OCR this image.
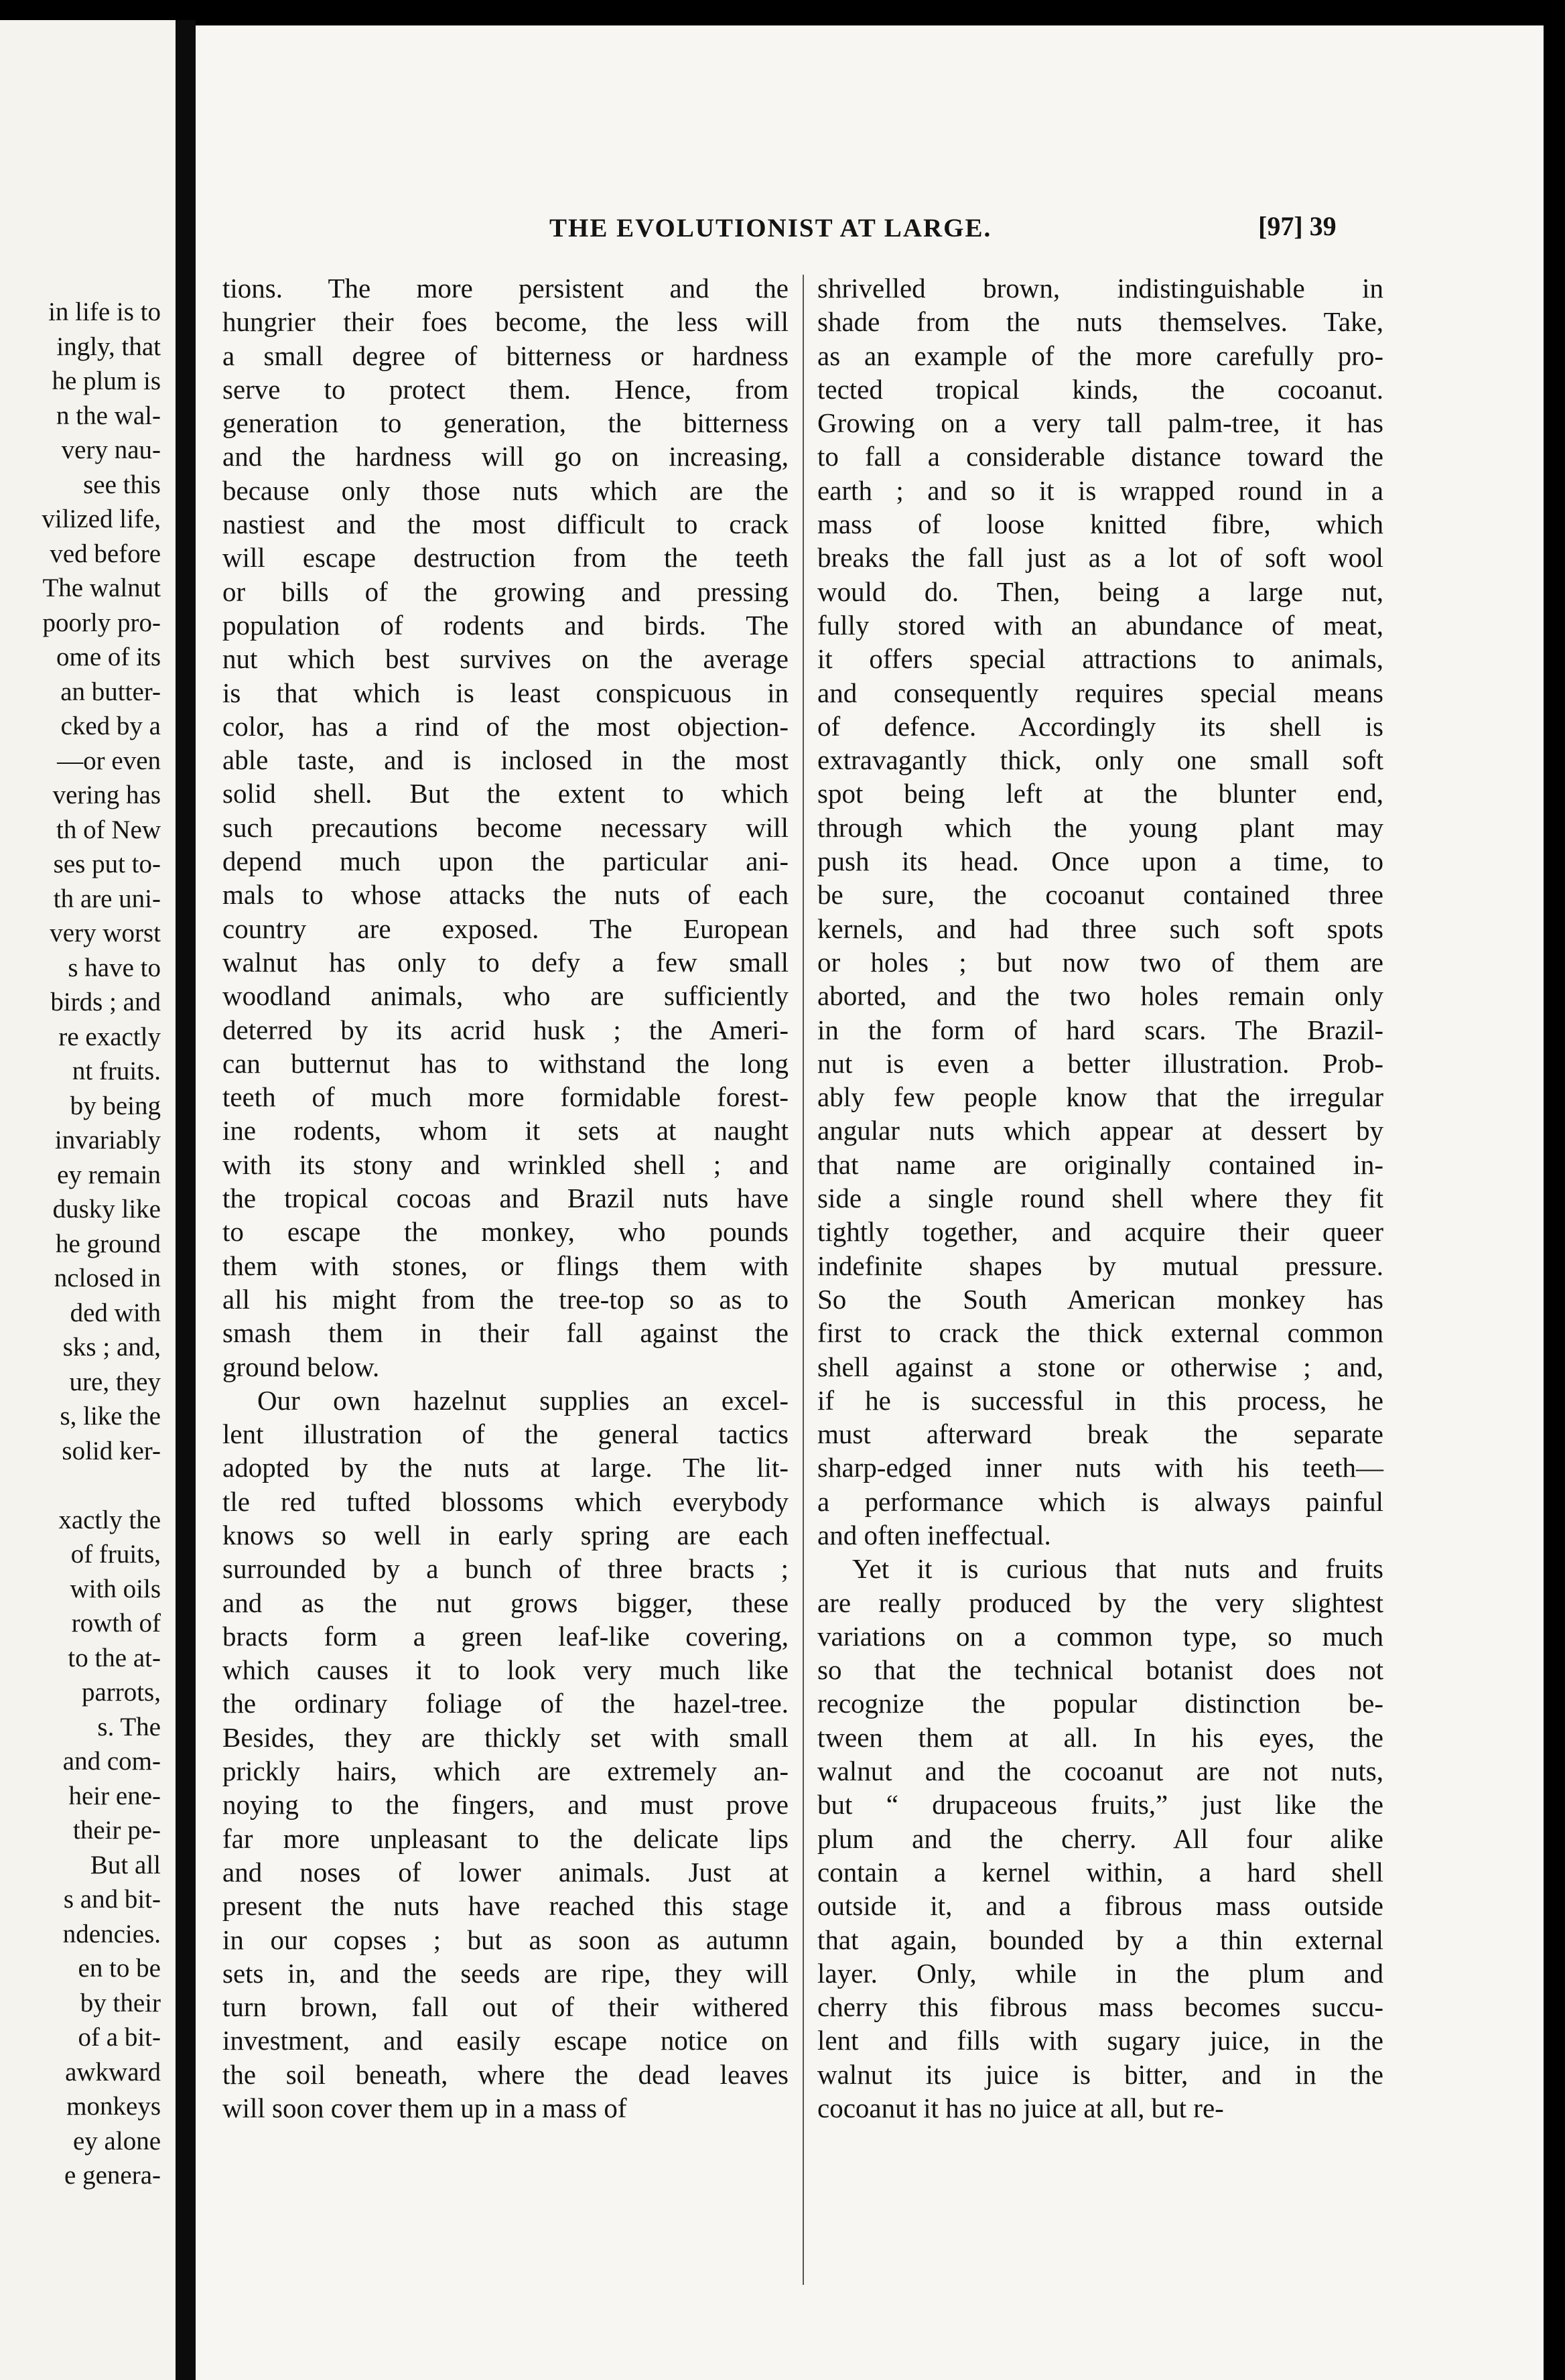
in life is to
ingly, that
he plum is
n the wal-
very nau-
see this
vilized life,
ved before
The walnut
poorly pro-
ome of its
an butter-
cked by a
—or even
vering has
th of New
ses put to-
th are uni-
very worst
s have to
birds ; and
re exactly
nt fruits.
by being
invariably
ey remain
dusky like
he ground
nclosed in
ded with
sks ; and,
ure, they
s, like the
solid ker-
xactly the
of fruits,
with oils
rowth of
to the at-
parrots,
s. The
and com-
heir ene-
their pe-
But all
s and bit-
ndencies.
en to be
by their
of a bit-
awkward
monkeys
ey alone
e genera-
THE EVOLUTIONIST AT LARGE.	[97] 39
tions. The more persistent and the
hungrier their foes become, the less will
a small degree of bitterness or hardness
serve to protect them. Hence, from
generation to generation, the bitterness
and the hardness will go on increasing,
because only those nuts which are the
nastiest and the most difficult to crack
will escape destruction from the teeth
or bills of the growing and pressing
population of rodents and birds. The
nut which best survives on the average
is that which is least conspicuous in
color, has a rind of the most objection-
able taste, and is inclosed in the most
solid shell. But the extent to which
such precautions become necessary will
depend much upon the particular ani-
mals to whose attacks the nuts of each
country are exposed. The European
walnut has only to defy a few small
woodland animals, who are sufficiently
deterred by its acrid husk ; the Ameri-
can butternut has to withstand the long
teeth of much more formidable forest-
ine rodents, whom it sets at naught
with its stony and wrinkled shell ; and
the tropical cocoas and Brazil nuts have
to escape the monkey, who pounds
them with stones, or flings them with
all his might from the tree-top so as to
smash them in their fall against the
ground below.
Our own hazelnut supplies an excel-
lent illustration of the general tactics
adopted by the nuts at large. The lit-
tle red tufted blossoms which everybody
knows so well in early spring are each
surrounded by a bunch of three bracts ;
and as the nut grows bigger, these
bracts form a green leaf-like covering,
which causes it to look very much like
the ordinary foliage of the hazel-tree.
Besides, they are thickly set with small
prickly hairs, which are extremely an-
noying to the fingers, and must prove
far more unpleasant to the delicate lips
and noses of lower animals. Just at
present the nuts have reached this stage
in our copses ; but as soon as autumn
sets in, and the seeds are ripe, they will
turn brown, fall out of their withered
investment, and easily escape notice on
the soil beneath, where the dead leaves
will soon cover them up in a mass of
shrivelled brown, indistinguishable in
shade from the nuts themselves. Take,
as an example of the more carefully pro-
tected tropical kinds, the cocoanut.
Growing on a very tall palm-tree, it has
to fall a considerable distance toward the
earth ; and so it is wrapped round in a
mass of loose knitted fibre, which
breaks the fall just as a lot of soft wool
would do. Then, being a large nut,
fully stored with an abundance of meat,
it offers special attractions to animals,
and consequently requires special means
of defence. Accordingly its shell is
extravagantly thick, only one small soft
spot being left at the blunter end,
through which the young plant may
push its head. Once upon a time, to
be sure, the cocoanut contained three
kernels, and had three such soft spots
or holes ; but now two of them are
aborted, and the two holes remain only
in the form of hard scars. The Brazil-
nut is even a better illustration. Prob-
ably few people know that the irregular
angular nuts which appear at dessert by
that name are originally contained in-
side a single round shell where they fit
tightly together, and acquire their queer
indefinite shapes by mutual pressure.
So the South American monkey has
first to crack the thick external common
shell against a stone or otherwise ; and,
if he is successful in this process, he
must afterward break the separate
sharp-edged inner nuts with his teeth—
a performance which is always painful
and often ineffectual.
Yet it is curious that nuts and fruits
are really produced by the very slightest
variations on a common type, so much
so that the technical botanist does not
recognize the popular distinction be-
tween them at all. In his eyes, the
walnut and the cocoanut are not nuts,
but “ drupaceous fruits,” just like the
plum and the cherry. All four alike
contain a kernel within, a hard shell
outside it, and a fibrous mass outside
that again, bounded by a thin external
layer. Only, while in the plum and
cherry this fibrous mass becomes succu-
lent and fills with sugary juice, in the
walnut its juice is bitter, and in the
cocoanut it has no juice at all, but re-
